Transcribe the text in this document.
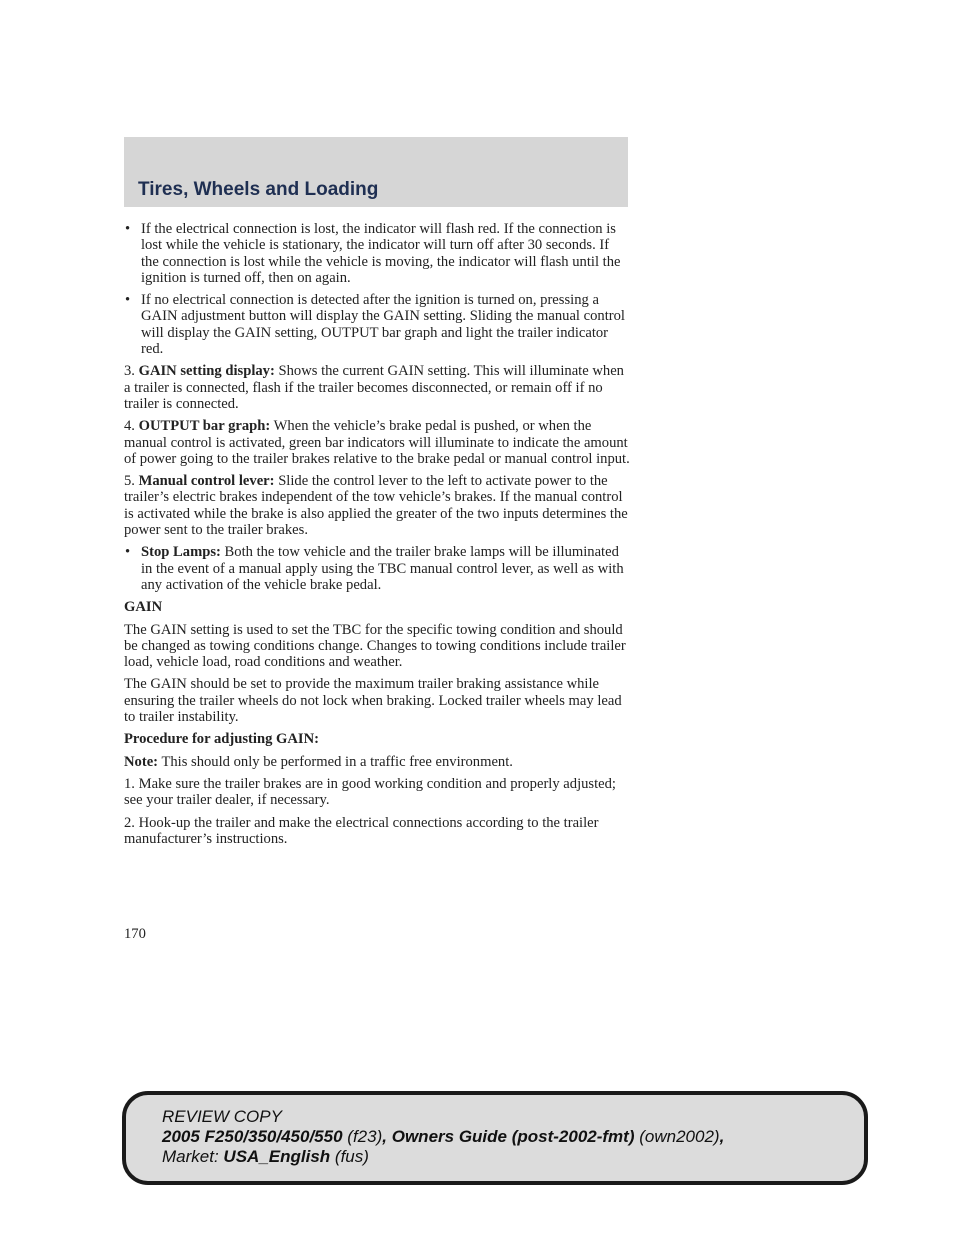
Tires, Wheels and Loading
• If the electrical connection is lost, the indicator will flash red. If the connection is lost while the vehicle is stationary, the indicator will turn off after 30 seconds. If the connection is lost while the vehicle is moving, the indicator will flash until the ignition is turned off, then on again.
• If no electrical connection is detected after the ignition is turned on, pressing a GAIN adjustment button will display the GAIN setting. Sliding the manual control will display the GAIN setting, OUTPUT bar graph and light the trailer indicator red.

3. GAIN setting display: Shows the current GAIN setting. This will illuminate when a trailer is connected, flash if the trailer becomes disconnected, or remain off if no trailer is connected.

4. OUTPUT bar graph: When the vehicle’s brake pedal is pushed, or when the manual control is activated, green bar indicators will illuminate to indicate the amount of power going to the trailer brakes relative to the brake pedal or manual control input.

5. Manual control lever: Slide the control lever to the left to activate power to the trailer’s electric brakes independent of the tow vehicle’s brakes. If the manual control is activated while the brake is also applied the greater of the two inputs determines the power sent to the trailer brakes.

• Stop Lamps: Both the tow vehicle and the trailer brake lamps will be illuminated in the event of a manual apply using the TBC manual control lever, as well as with any activation of the vehicle brake pedal.

GAIN

The GAIN setting is used to set the TBC for the specific towing condition and should be changed as towing conditions change. Changes to towing conditions include trailer load, vehicle load, road conditions and weather.

The GAIN should be set to provide the maximum trailer braking assistance while ensuring the trailer wheels do not lock when braking. Locked trailer wheels may lead to trailer instability.

Procedure for adjusting GAIN:

Note: This should only be performed in a traffic free environment.

1. Make sure the trailer brakes are in good working condition and properly adjusted; see your trailer dealer, if necessary.

2. Hook-up the trailer and make the electrical connections according to the trailer manufacturer’s instructions.

170
REVIEW COPY
2005 F250/350/450/550 (f23), Owners Guide (post-2002-fmt) (own2002),
Market: USA_English (fus)
